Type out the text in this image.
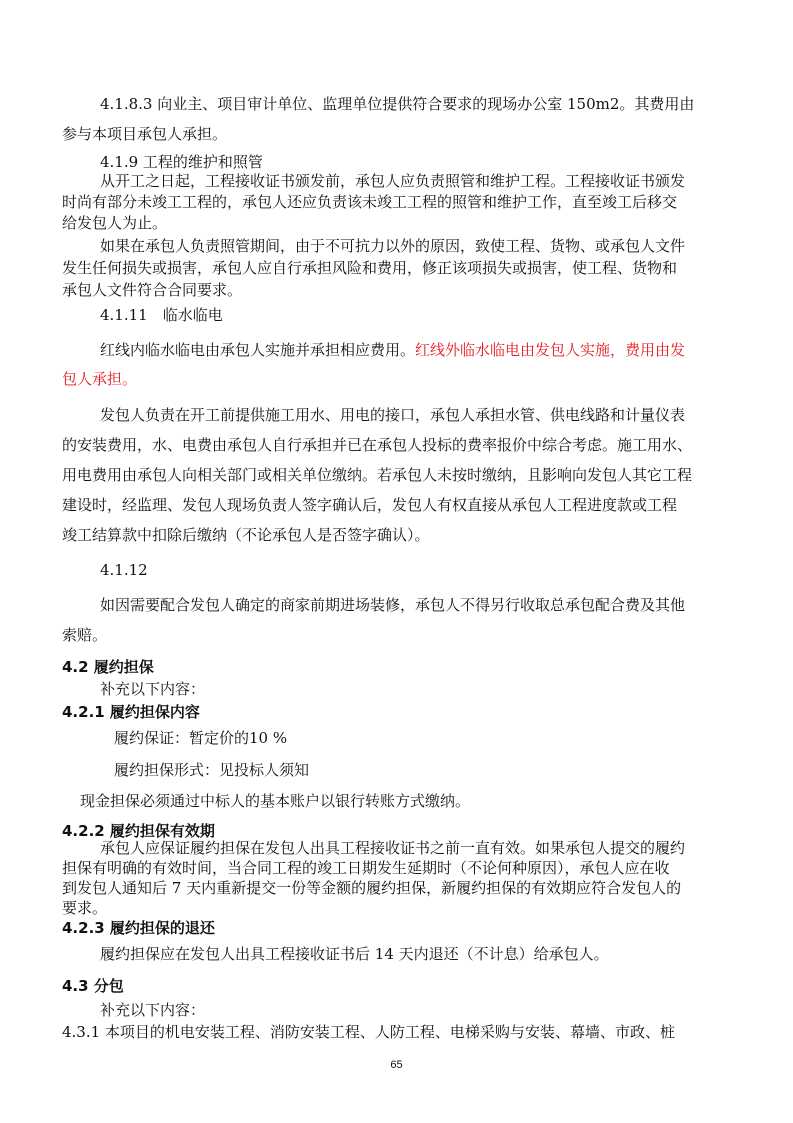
4.1.8.3 向业主、项目审计单位、监理单位提供符合要求的现场办公室 150m2。其费用由
参与本项目承包人承担。
4.1.9 工程的维护和照管
从开工之日起，工程接收证书颁发前，承包人应负责照管和维护工程。工程接收证书颁发
时尚有部分未竣工工程的，承包人还应负责该未竣工工程的照管和维护工作，直至竣工后移交
给发包人为止。
如果在承包人负责照管期间，由于不可抗力以外的原因，致使工程、货物、或承包人文件
发生任何损失或损害，承包人应自行承担风险和费用，修正该项损失或损害，使工程、货物和
承包人文件符合合同要求。
4.1.11　临水临电
红线内临水临电由承包人实施并承担相应费用。红线外临水临电由发包人实施，费用由发
包人承担。
发包人负责在开工前提供施工用水、用电的接口，承包人承担水管、供电线路和计量仪表
的安装费用，水、电费由承包人自行承担并已在承包人投标的费率报价中综合考虑。施工用水、
用电费用由承包人向相关部门或相关单位缴纳。若承包人未按时缴纳，且影响向发包人其它工程
建设时，经监理、发包人现场负责人签字确认后，发包人有权直接从承包人工程进度款或工程
竣工结算款中扣除后缴纳（不论承包人是否签字确认）。
4.1.12
如因需要配合发包人确定的商家前期进场装修，承包人不得另行收取总承包配合费及其他
索赔。
4.2 履约担保
补充以下内容：
4.2.1 履约担保内容
履约保证：暂定价的10 %
履约担保形式：见投标人须知
现金担保必须通过中标人的基本账户以银行转账方式缴纳。
4.2.2 履约担保有效期
承包人应保证履约担保在发包人出具工程接收证书之前一直有效。如果承包人提交的履约
担保有明确的有效时间，当合同工程的竣工日期发生延期时（不论何种原因），承包人应在收
到发包人通知后 7 天内重新提交一份等金额的履约担保，新履约担保的有效期应符合发包人的
要求。
4.2.3 履约担保的退还
履约担保应在发包人出具工程接收证书后 14 天内退还（不计息）给承包人。
4.3 分包
补充以下内容：
4.3.1 本项目的机电安装工程、消防安装工程、人防工程、电梯采购与安装、幕墙、市政、桩
65
